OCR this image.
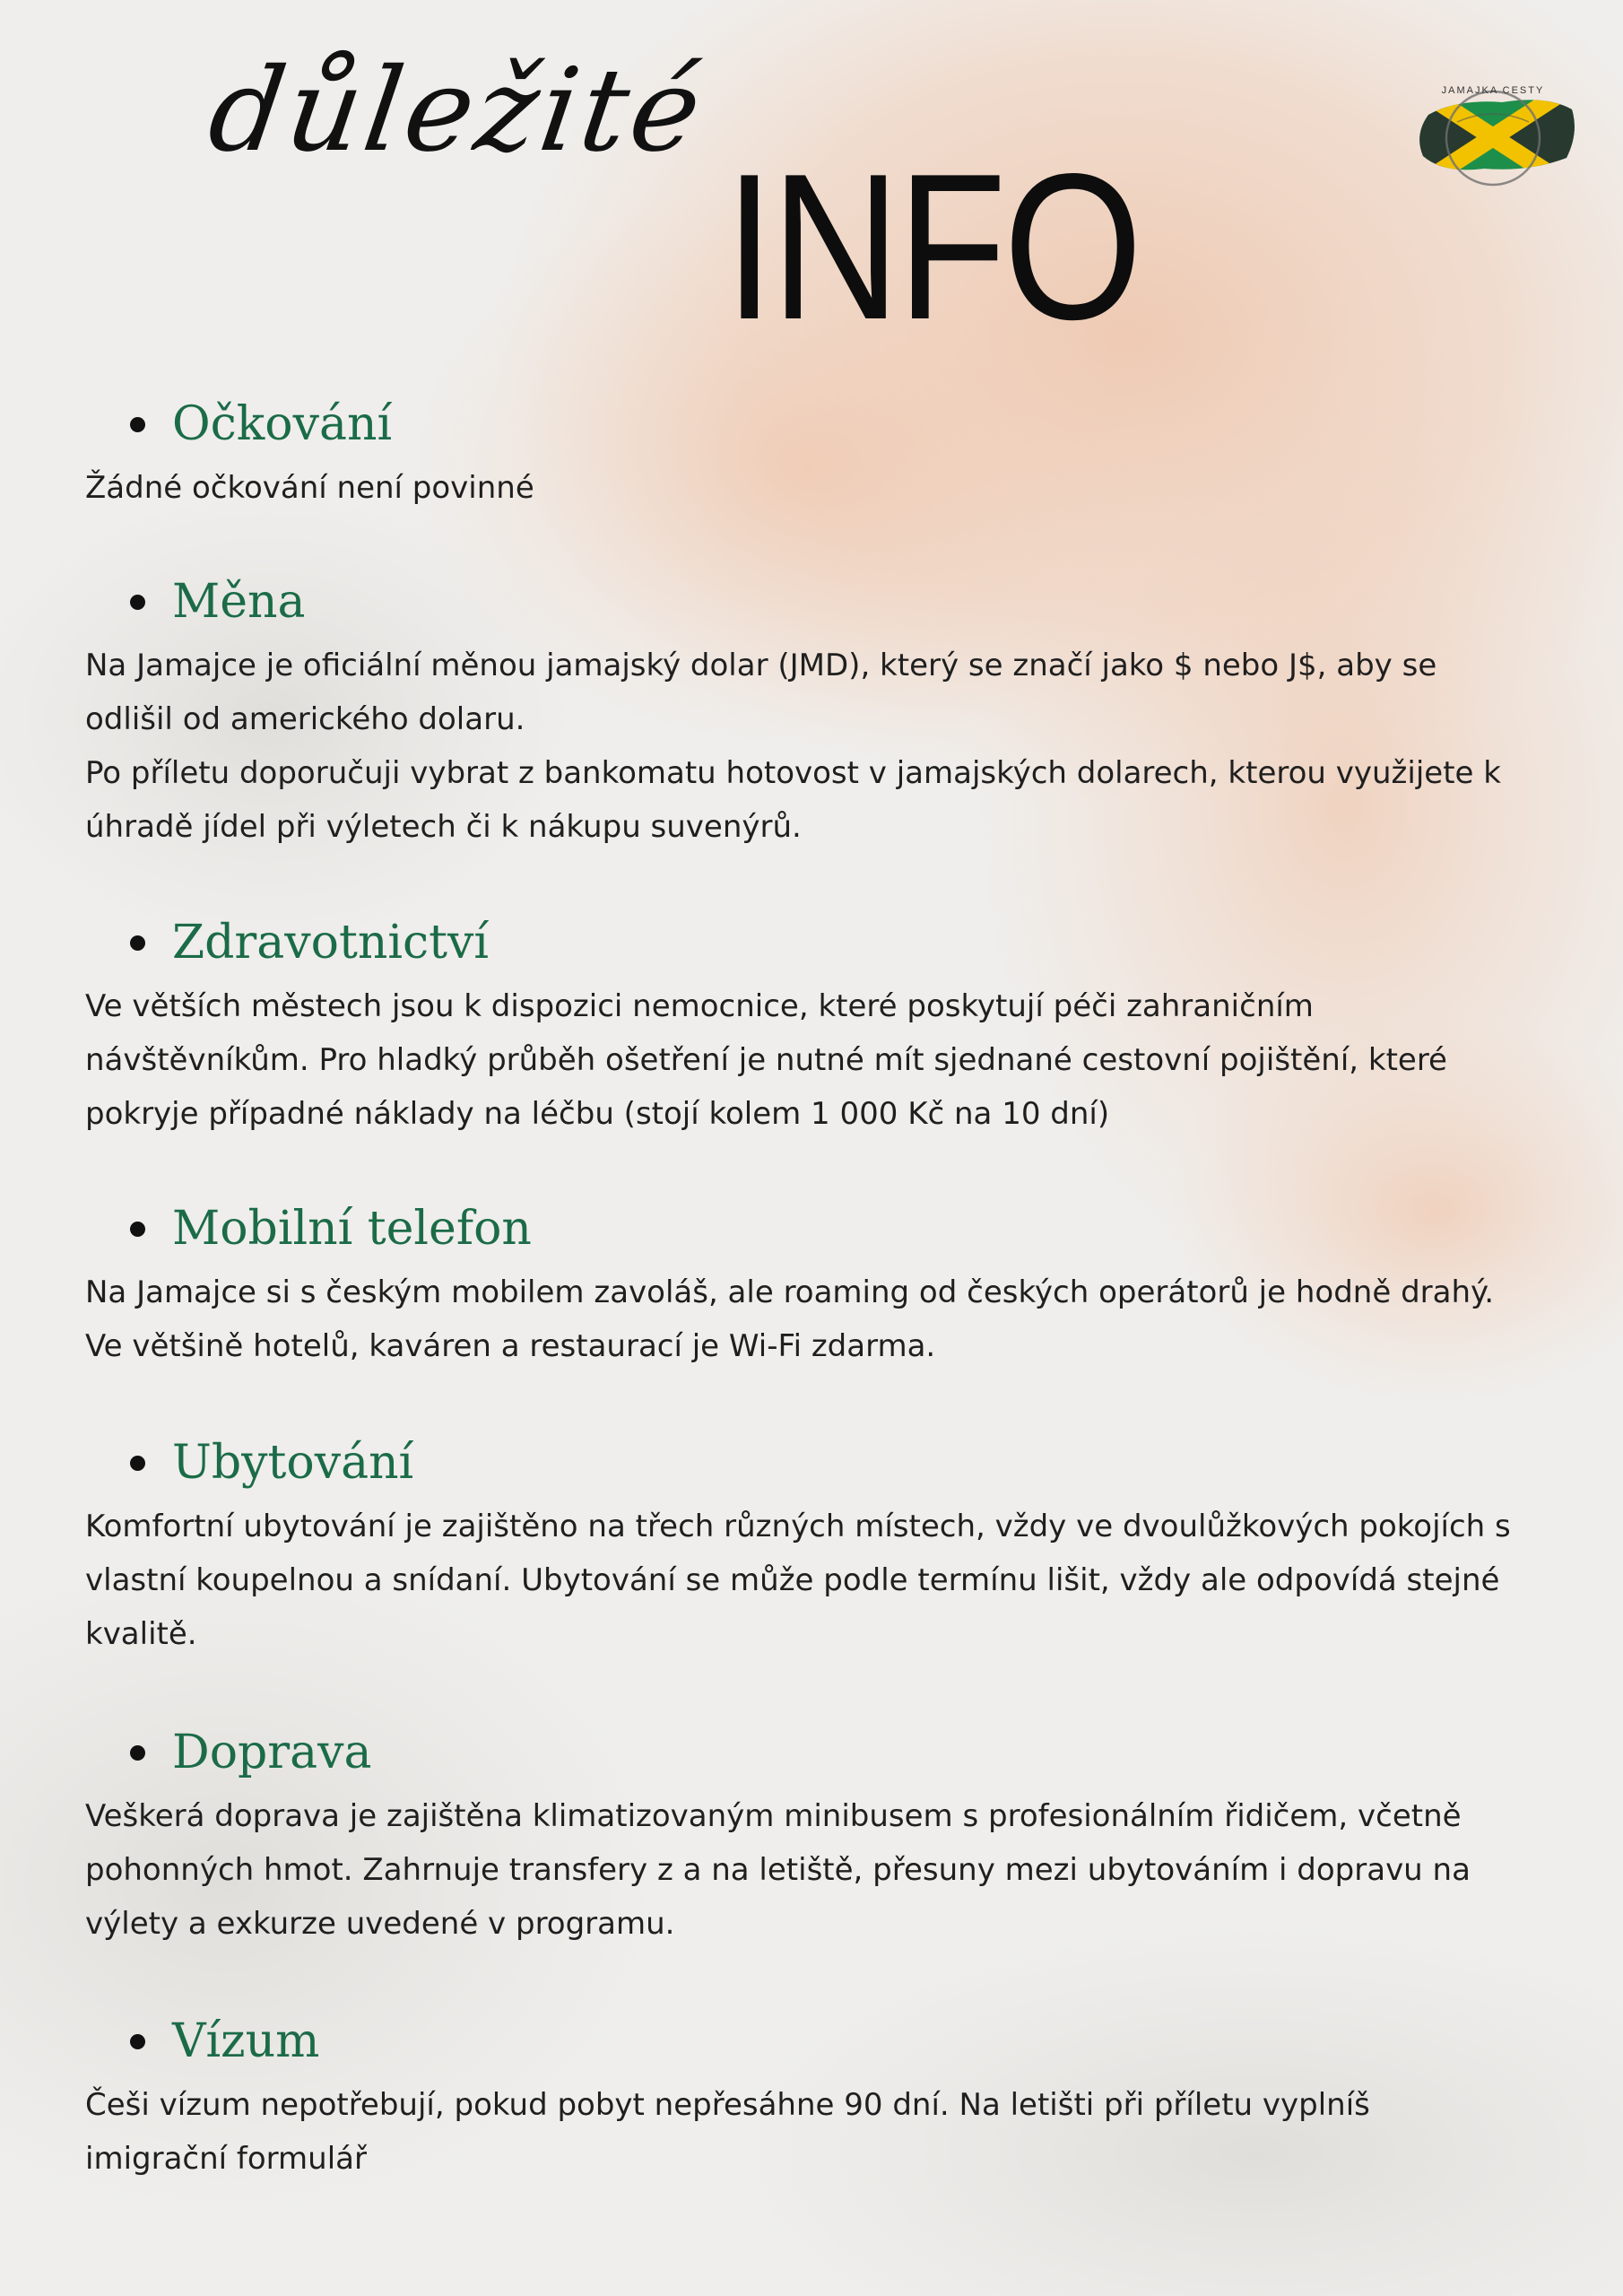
důležité
INFO
JAMAJKA CESTY
Očkování
Žádné očkování není povinné
Měna
Na Jamajce je oficiální měnou jamajský dolar (JMD), který se značí jako $ nebo J$, aby se
odlišil od amerického dolaru.
Po příletu doporučuji vybrat z bankomatu hotovost v jamajských dolarech, kterou využijete k
úhradě jídel při výletech či k nákupu suvenýrů.
Zdravotnictví
Ve větších městech jsou k dispozici nemocnice, které poskytují péči zahraničním
návštěvníkům. Pro hladký průběh ošetření je nutné mít sjednané cestovní pojištění, které
pokryje případné náklady na léčbu (stojí kolem 1 000 Kč na 10 dní)
Mobilní telefon
Na Jamajce si s českým mobilem zavoláš, ale roaming od českých operátorů je hodně drahý.
Ve většině hotelů, kaváren a restaurací je Wi-Fi zdarma.
Ubytování
Komfortní ubytování je zajištěno na třech různých místech, vždy ve dvoulůžkových pokojích s
vlastní koupelnou a snídaní. Ubytování se může podle termínu lišit, vždy ale odpovídá stejné
kvalitě.
Doprava
Veškerá doprava je zajištěna klimatizovaným minibusem s profesionálním řidičem, včetně
pohonných hmot. Zahrnuje transfery z a na letiště, přesuny mezi ubytováním i dopravu na
výlety a exkurze uvedené v programu.
Vízum
Češi vízum nepotřebují, pokud pobyt nepřesáhne 90 dní. Na letišti při příletu vyplníš
imigrační formulář
